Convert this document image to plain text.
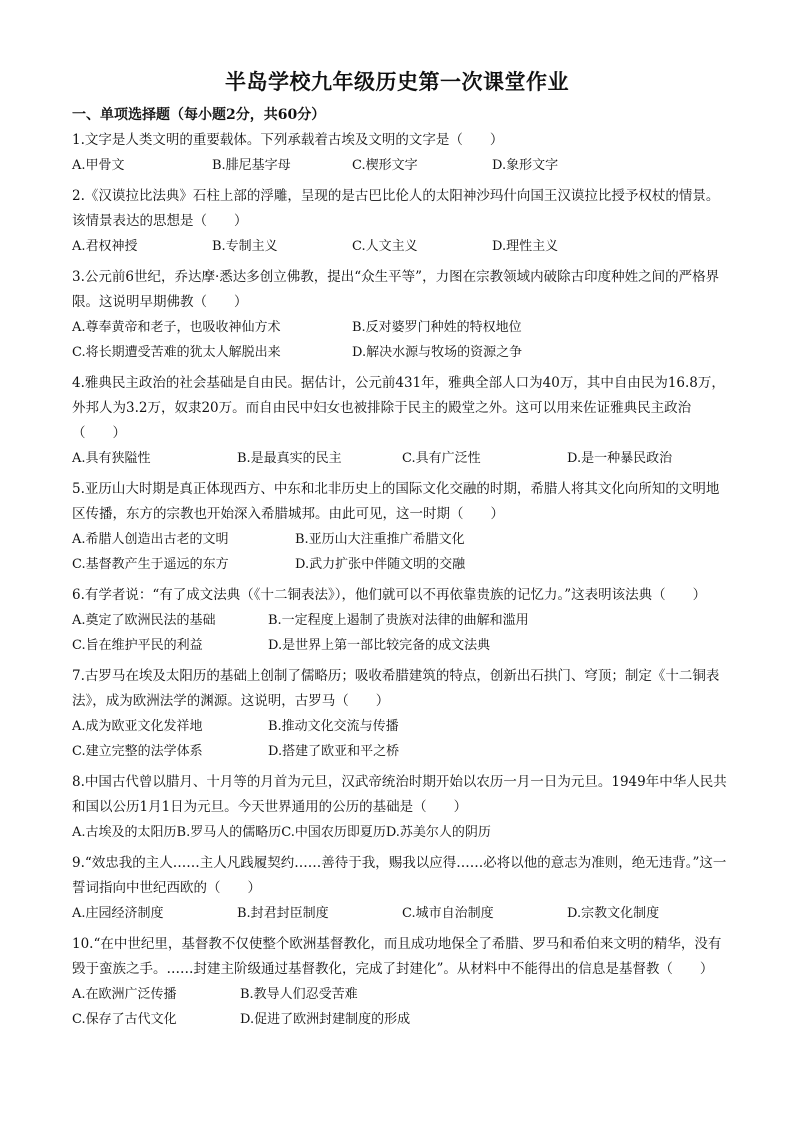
半岛学校九年级历史第一次课堂作业
一、单项选择题（每小题2分，共60分）

1.文字是人类文明的重要载体。下列承载着古埃及文明的文字是（　　）

A.甲骨文	B.腓尼基字母	C.楔形文字	D.象形文字

2.《汉谟拉比法典》石柱上部的浮雕，呈现的是古巴比伦人的太阳神沙玛什向国王汉谟拉比授予权杖的情景。该情景表达的思想是（　　）

A.君权神授	B.专制主义	C.人文主义	D.理性主义

3.公元前6世纪，乔达摩·悉达多创立佛教，提出“众生平等”，力图在宗教领域内破除古印度种姓之间的严格界限。这说明早期佛教（　　）

A.尊奉黄帝和老子，也吸收神仙方术	B.反对婆罗门种姓的特权地位
C.将长期遭受苦难的犹太人解脱出来	D.解决水源与牧场的资源之争

4.雅典民主政治的社会基础是自由民。据估计，公元前431年，雅典全部人口为40万，其中自由民为16.8万，外邦人为3.2万，奴隶20万。而自由民中妇女也被排除于民主的殿堂之外。这可以用来佐证雅典民主政治（　　）

A.具有狭隘性	B.是最真实的民主	C.具有广泛性	D.是一种暴民政治

5.亚历山大时期是真正体现西方、中东和北非历史上的国际文化交融的时期，希腊人将其文化向所知的文明地区传播，东方的宗教也开始深入希腊城邦。由此可见，这一时期（　　）

A.希腊人创造出古老的文明	B.亚历山大注重推广希腊文化
C.基督教产生于遥远的东方	D.武力扩张中伴随文明的交融

6.有学者说：“有了成文法典（《十二铜表法》），他们就可以不再依靠贵族的记忆力。”这表明该法典（　　）

A.奠定了欧洲民法的基础	B.一定程度上遏制了贵族对法律的曲解和滥用
C.旨在维护平民的利益	D.是世界上第一部比较完备的成文法典

7.古罗马在埃及太阳历的基础上创制了儒略历；吸收希腊建筑的特点，创新出石拱门、穹顶；制定《十二铜表法》，成为欧洲法学的渊源。这说明，古罗马（　　）

A.成为欧亚文化发祥地	B.推动文化交流与传播
C.建立完整的法学体系	D.搭建了欧亚和平之桥

8.中国古代曾以腊月、十月等的月首为元旦，汉武帝统治时期开始以农历一月一日为元旦。1949年中华人民共和国以公历1月1日为元旦。今天世界通用的公历的基础是（　　）

A.古埃及的太阳历 B.罗马人的儒略历 C.中国农历即夏历 D.苏美尔人的阴历

9.“效忠我的主人……主人凡践履契约……善待于我，赐我以应得……必将以他的意志为准则，绝无违背。”这一誓词指向中世纪西欧的（　　）

A.庄园经济制度	B.封君封臣制度	C.城市自治制度	D.宗教文化制度

10.“在中世纪里，基督教不仅使整个欧洲基督教化，而且成功地保全了希腊、罗马和希伯来文明的精华，没有毁于蛮族之手。……封建主阶级通过基督教化，完成了封建化”。从材料中不能得出的信息是基督教（　　）

A.在欧洲广泛传播	B.教导人们忍受苦难
C.保存了古代文化	D.促进了欧洲封建制度的形成
